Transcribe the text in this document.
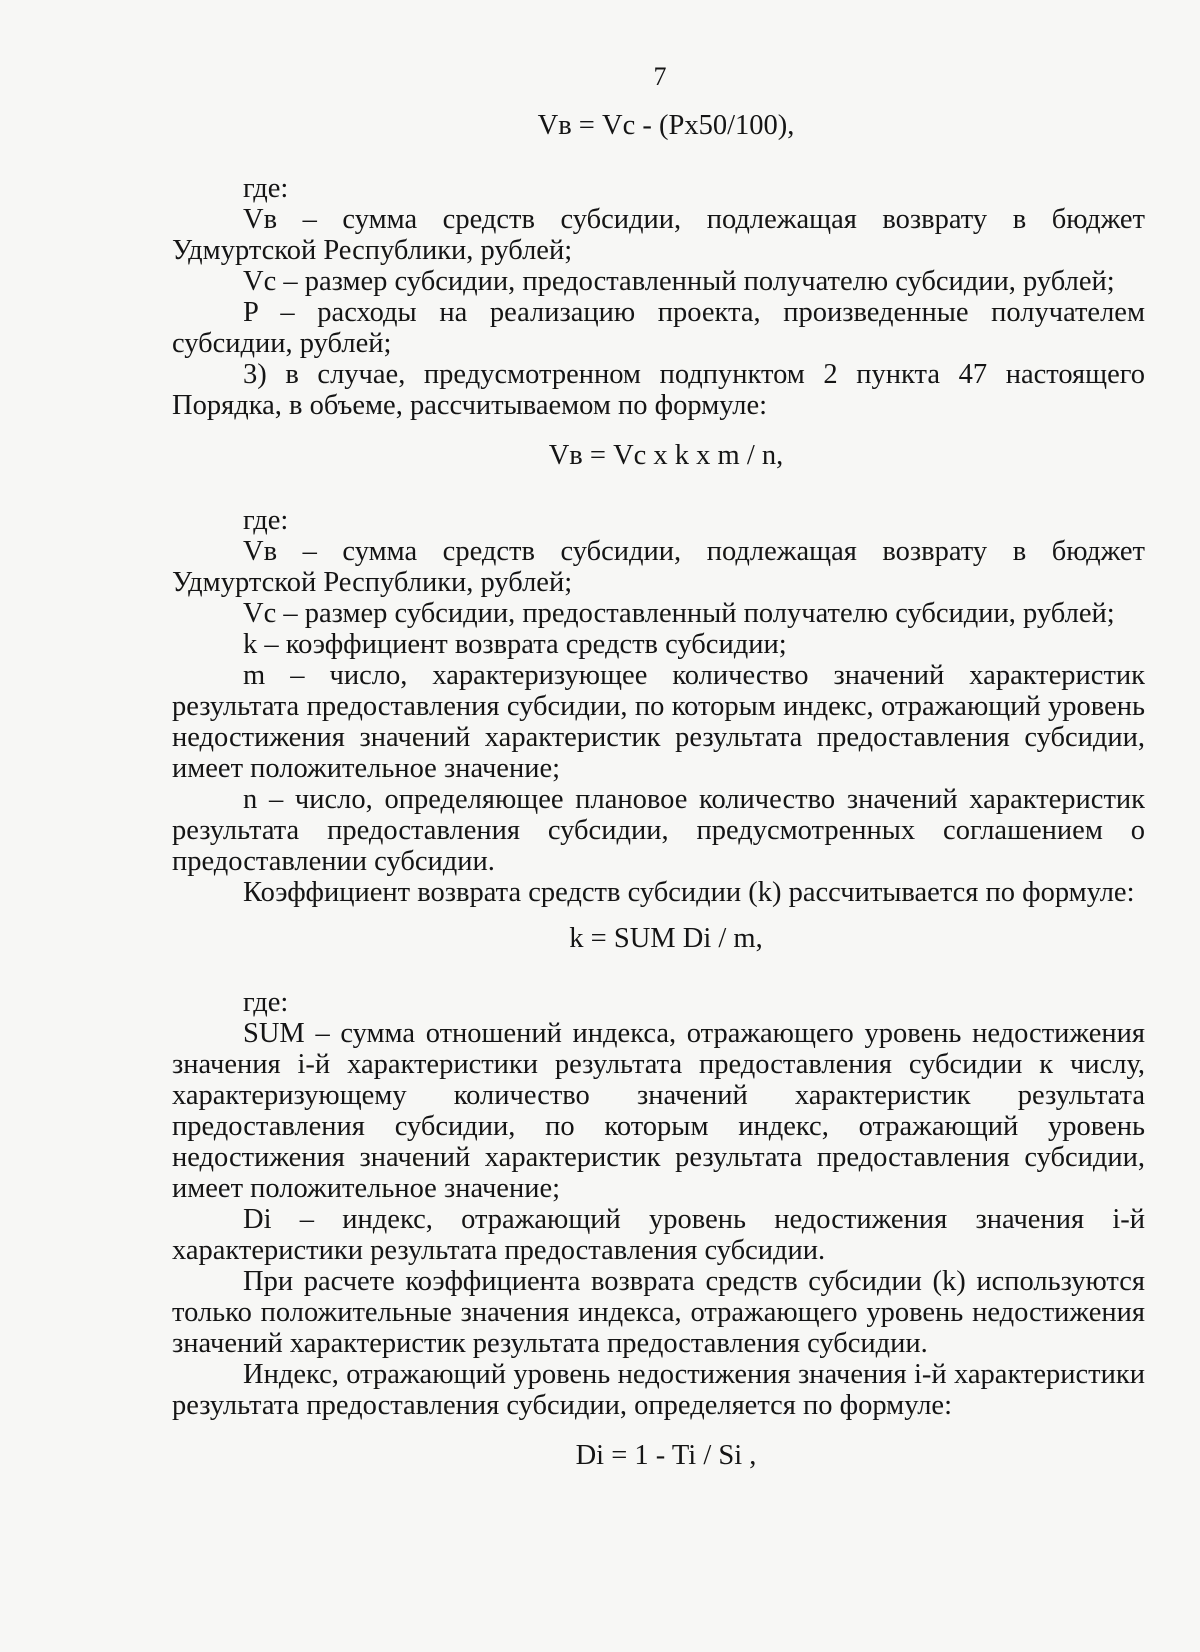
7
Vв = Vc - (Px50/100),
где:
Vв – сумма средств субсидии, подлежащая возврату в бюджет Удмуртской Республики, рублей;
Vc – размер субсидии, предоставленный получателю субсидии, рублей;
P – расходы на реализацию проекта, произведенные получателем субсидии, рублей;
3) в случае, предусмотренном подпунктом 2 пункта 47 настоящего Порядка, в объеме, рассчитываемом по формуле:
Vв = Vc x k x m / n,
где:
Vв – сумма средств субсидии, подлежащая возврату в бюджет Удмуртской Республики, рублей;
Vc – размер субсидии, предоставленный получателю субсидии, рублей;
k – коэффициент возврата средств субсидии;
m – число, характеризующее количество значений характеристик результата предоставления субсидии, по которым индекс, отражающий уровень недостижения значений характеристик результата предоставления субсидии, имеет положительное значение;
n – число, определяющее плановое количество значений характеристик результата предоставления субсидии, предусмотренных соглашением о предоставлении субсидии.
Коэффициент возврата средств субсидии (k) рассчитывается по формуле:
k = SUM Di / m,
где:
SUM – сумма отношений индекса, отражающего уровень недостижения значения i-й характеристики результата предоставления субсидии к числу, характеризующему количество значений характеристик результата предоставления субсидии, по которым индекс, отражающий уровень недостижения значений характеристик результата предоставления субсидии, имеет положительное значение;
Di – индекс, отражающий уровень недостижения значения i-й характеристики результата предоставления субсидии.
При расчете коэффициента возврата средств субсидии (k) используются только положительные значения индекса, отражающего уровень недостижения значений характеристик результата предоставления субсидии.
Индекс, отражающий уровень недостижения значения i-й характеристики результата предоставления субсидии, определяется по формуле:
Di = 1 - Ti / Si ,
